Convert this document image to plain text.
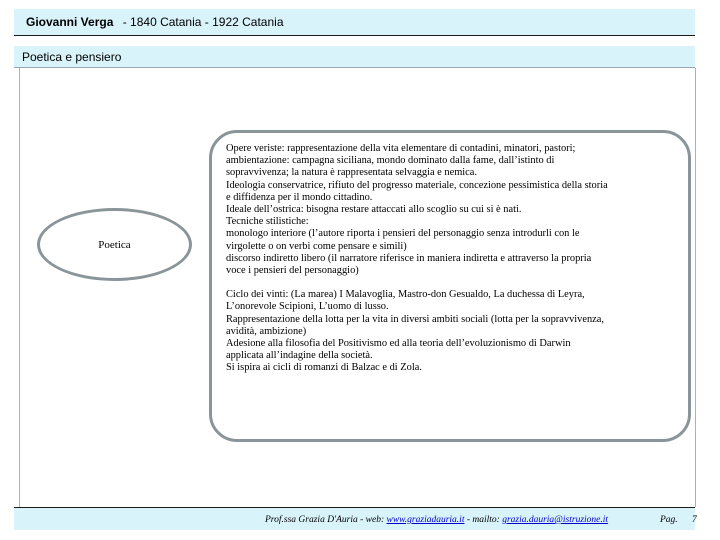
Giovanni Verga - 1840 Catania - 1922 Catania
Poetica e pensiero
Poetica

Opere veriste: rappresentazione della vita elementare di contadini, minatori, pastori;

ambientazione: campagna siciliana, mondo dominato dalla fame, dall’istinto di

sopravvivenza; la natura è rappresentata selvaggia e nemica.

Ideologia conservatrice, rifiuto del progresso materiale, concezione pessimistica della storia

e diffidenza per il mondo cittadino.

Ideale dell’ostrica: bisogna restare attaccati allo scoglio su cui si è nati.

Tecniche stilistiche:

monologo interiore (l’autore riporta i pensieri del personaggio senza introdurli con le

virgolette o on verbi come pensare e simili)

discorso indiretto libero (il narratore riferisce in maniera indiretta e attraverso la propria

voce i pensieri del personaggio)

Ciclo dei vinti: (La marea) I Malavoglia, Mastro-don Gesualdo, La duchessa di Leyra,

L’onorevole Scipioni, L’uomo di lusso.

Rappresentazione della lotta per la vita in diversi ambiti sociali (lotta per la sopravvivenza,

avidità, ambizione)

Adesione alla filosofia del Positivismo ed alla teoria dell’evoluzionismo di Darwin

applicata all’indagine della società.

Si ispira ai cicli di romanzi di Balzac e di Zola.

Prof.ssa Grazia D'Auria - web: www.graziadauria.it - mailto: grazia.dauria@istruzione.it	Pag. 7
